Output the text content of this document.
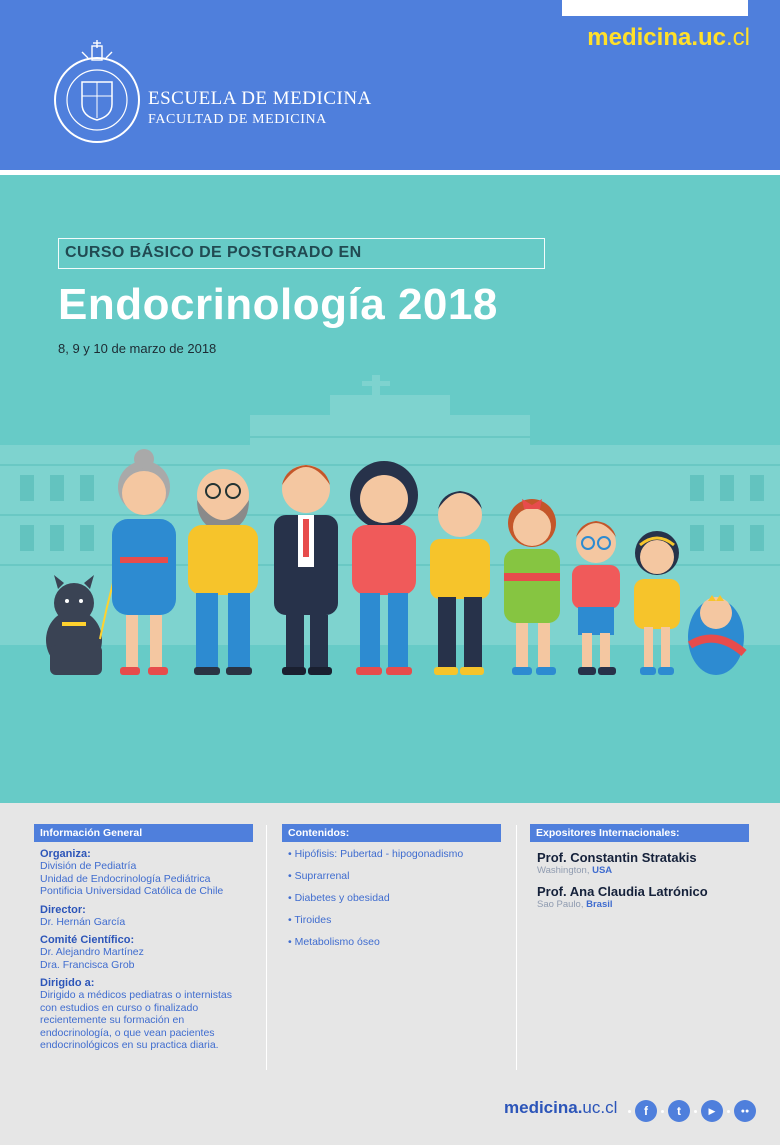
medicina.uc.cl
ESCUELA DE MEDICINA
FACULTAD DE MEDICINA
CURSO BÁSICO DE POSTGRADO EN
Endocrinología 2018
8, 9 y 10 de marzo de 2018
Información General
Organiza:
División de Pediatría
Unidad de Endocrinología Pediátrica
Pontificia Universidad Católica de Chile
Director:
Dr. Hernán García
Comité Científico:
Dr. Alejandro Martínez
Dra. Francisca Grob
Dirigido a:
Dirigido a médicos pediatras o internistas
con estudios en curso o finalizado
recientemente su formación en
endocrinología, o que vean pacientes
endocrinológicos en su practica diaria.
Contenidos:
• Hipófisis: Pubertad - hipogonadismo
• Suprarrenal
• Diabetes y obesidad
• Tiroides
• Metabolismo óseo
Expositores Internacionales:
Prof. Constantin Stratakis
Washington, USA
Prof. Ana Claudia Latrónico
Sao Paulo, Brasil
medicina.uc.cl	f	t	▶	●●
